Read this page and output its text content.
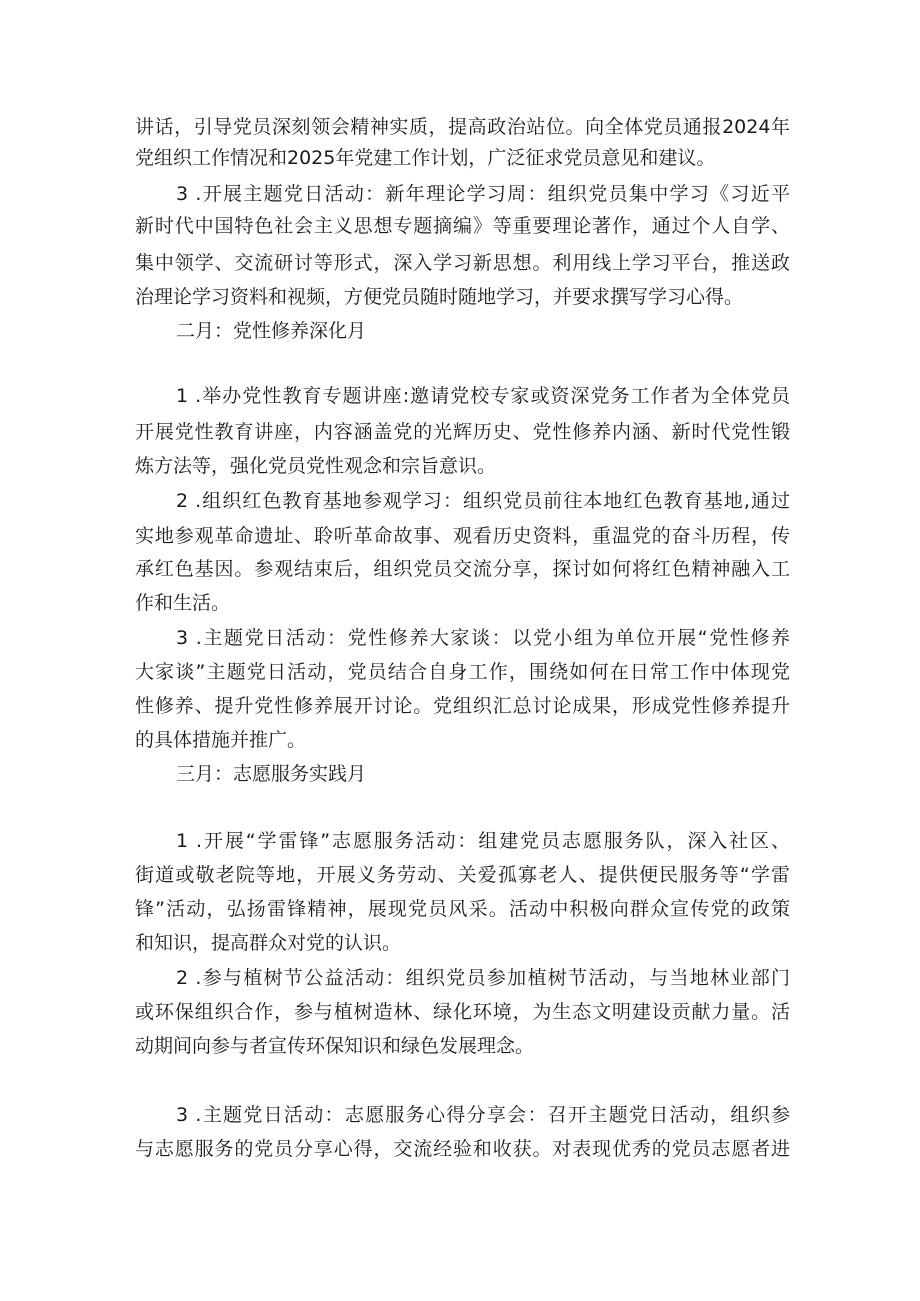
讲话，引导党员深刻领会精神实质，提高政治站位。向全体党员通报2024年
党组织工作情况和2025年党建工作计划，广泛征求党员意见和建议。
3 .开展主题党日活动：新年理论学习周：组织党员集中学习《习近平
新时代中国特色社会主义思想专题摘编》等重要理论著作，通过个人自学、
集中领学、交流研讨等形式，深入学习新思想。利用线上学习平台，推送政
治理论学习资料和视频，方便党员随时随地学习，并要求撰写学习心得。
二月：党性修养深化月
1 .举办党性教育专题讲座:邀请党校专家或资深党务工作者为全体党员
开展党性教育讲座，内容涵盖党的光辉历史、党性修养内涵、新时代党性锻
炼方法等，强化党员党性观念和宗旨意识。
2 .组织红色教育基地参观学习：组织党员前往本地红色教育基地,通过
实地参观革命遗址、聆听革命故事、观看历史资料，重温党的奋斗历程，传
承红色基因。参观结束后，组织党员交流分享，探讨如何将红色精神融入工
作和生活。
3 .主题党日活动：党性修养大家谈：以党小组为单位开展“党性修养
大家谈”主题党日活动，党员结合自身工作，围绕如何在日常工作中体现党
性修养、提升党性修养展开讨论。党组织汇总讨论成果，形成党性修养提升
的具体措施并推广。
三月：志愿服务实践月
1 .开展“学雷锋”志愿服务活动：组建党员志愿服务队，深入社区、
街道或敬老院等地，开展义务劳动、关爱孤寡老人、提供便民服务等“学雷
锋”活动，弘扬雷锋精神，展现党员风采。活动中积极向群众宣传党的政策
和知识，提高群众对党的认识。
2 .参与植树节公益活动：组织党员参加植树节活动，与当地林业部门
或环保组织合作，参与植树造林、绿化环境，为生态文明建设贡献力量。活
动期间向参与者宣传环保知识和绿色发展理念。
3 .主题党日活动：志愿服务心得分享会：召开主题党日活动，组织参
与志愿服务的党员分享心得，交流经验和收获。对表现优秀的党员志愿者进
